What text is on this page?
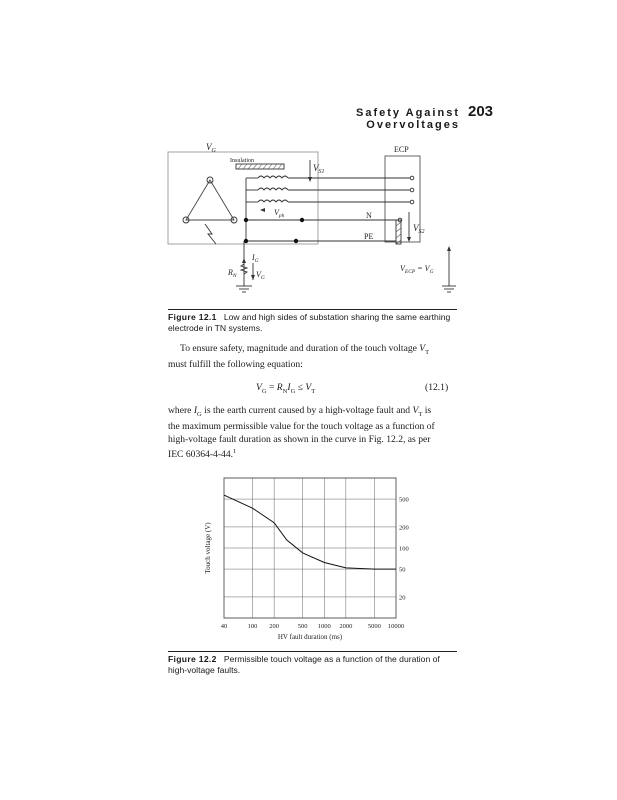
Safety Against Overvoltages
203
$V_G$
Insulation
$V_{S1}$
ECP
$V_{ph}$	N
PE
$V_{S2}$
$I_G$
$R_N$ $V_G$
$V_{ECP} = V_G$
Figure 12.1 Low and high sides of substation sharing the same earthing electrode in TN systems.
To ensure safety, magnitude and duration of the touch voltage $V_T$
must fulfill the following equation:
$V_G = R_NI_G \le V_T$	(12.1)
where $I_G$ is the earth current caused by a high-voltage fault and $V_T$ is
the maximum permissible value for the touch voltage as a function of
high-voltage fault duration as shown in the curve in Fig. 12.2, as per
IEC 60364-4-44.$^1$
40	100 200	500 1000 2000 5000 10000
500
200
100
50
20
HV fault duration (ms)
Touch voltage (V)
Figure 12.2 Permissible touch voltage as a function of the duration of
high-voltage faults.
